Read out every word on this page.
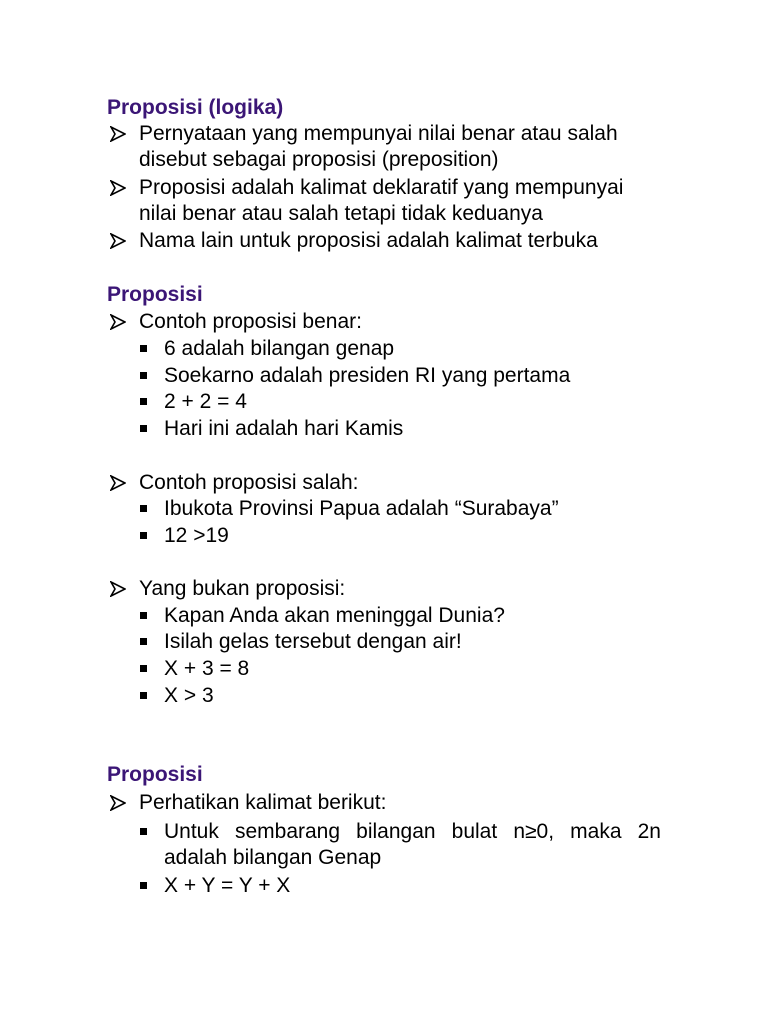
Proposisi (logika)
Pernyataan yang mempunyai nilai benar atau salah
disebut sebagai proposisi (preposition)
Proposisi adalah kalimat deklaratif yang mempunyai
nilai benar atau salah tetapi tidak keduanya
Nama lain untuk proposisi adalah kalimat terbuka
Proposisi
Contoh proposisi benar:
6 adalah bilangan genap
Soekarno adalah presiden RI yang pertama
2 + 2 = 4
Hari ini adalah hari Kamis
Contoh proposisi salah:
Ibukota Provinsi Papua adalah “Surabaya”
12 >19
Yang bukan proposisi:
Kapan Anda akan meninggal Dunia?
Isilah gelas tersebut dengan air!
X + 3 = 8
X > 3
Proposisi
Perhatikan kalimat berikut:
Untuk sembarang bilangan bulat n≥0, maka 2n
adalah bilangan Genap
X + Y = Y + X
